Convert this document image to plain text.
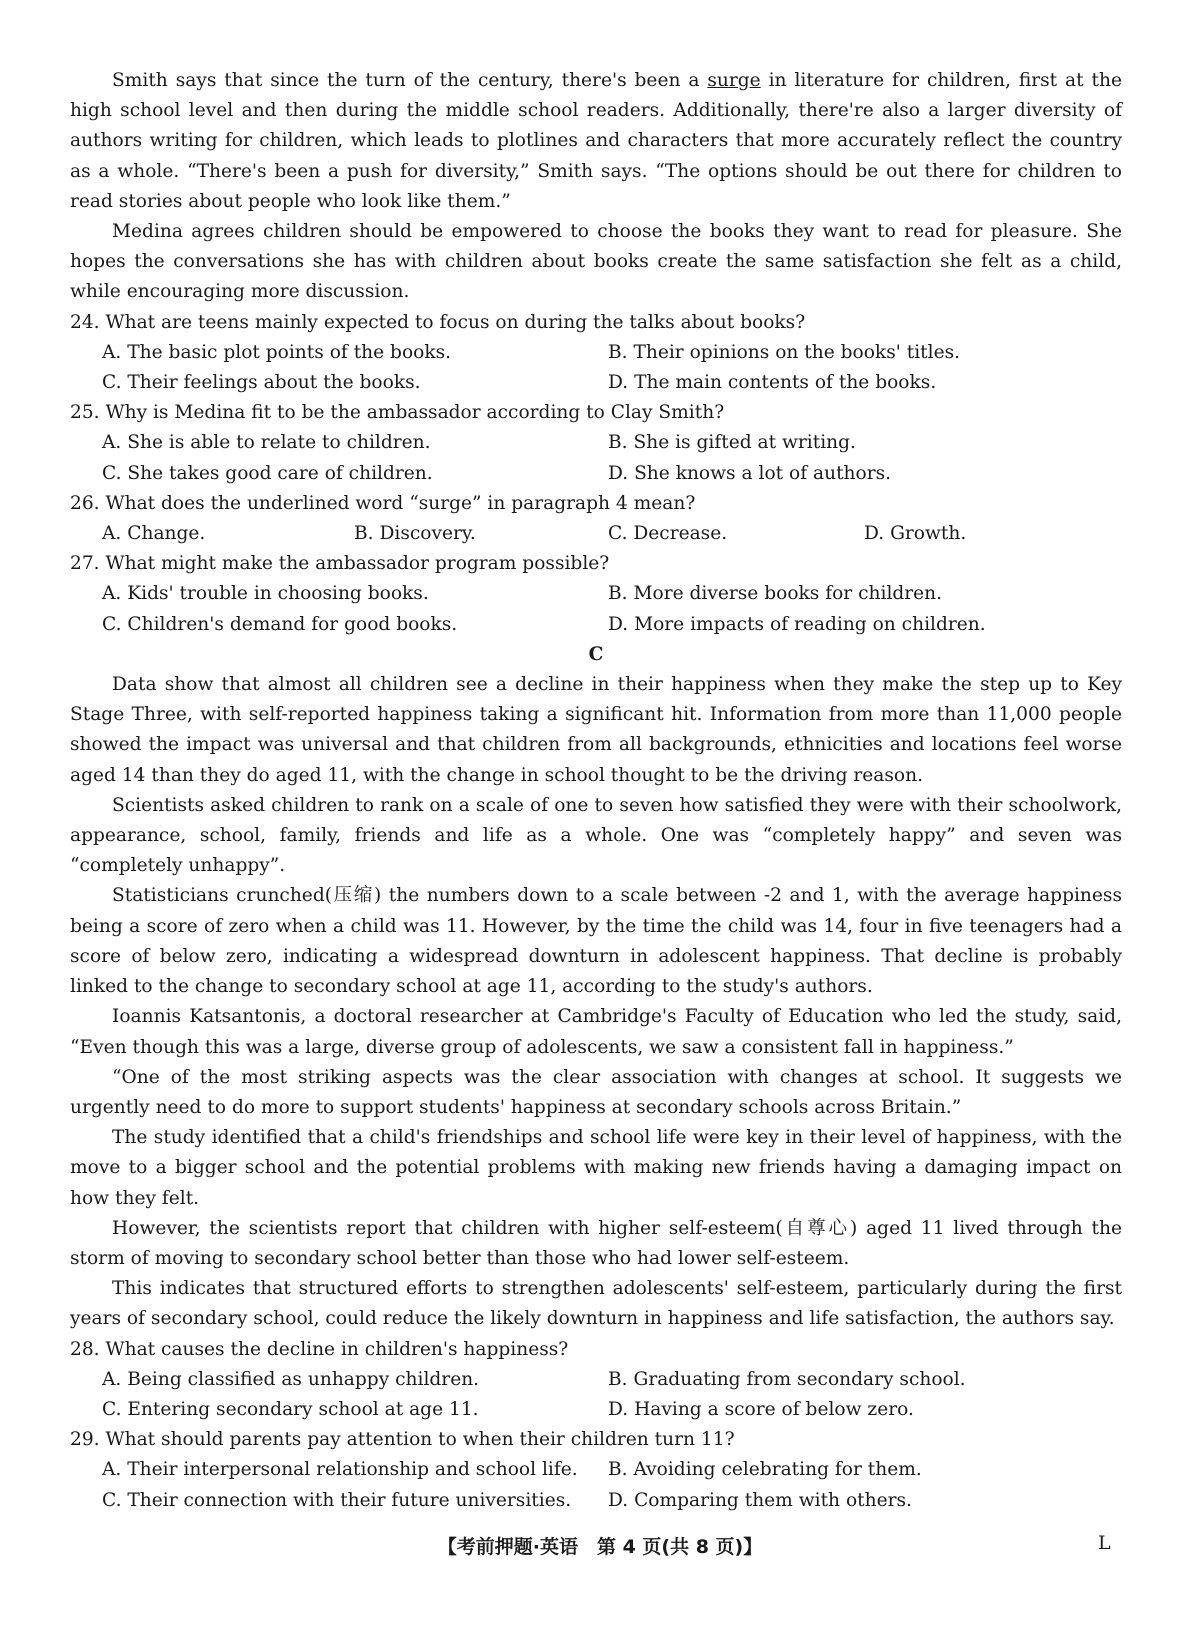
Smith says that since the turn of the century, there's been a surge in literature for children, first at the high school level and then during the middle school readers. Additionally, there're also a larger diversity of authors writing for children, which leads to plotlines and characters that more accurately reflect the country as a whole. “There's been a push for diversity,” Smith says. “The options should be out there for children to read stories about people who look like them.”

Medina agrees children should be empowered to choose the books they want to read for pleasure. She hopes the conversations she has with children about books create the same satisfaction she felt as a child, while encouraging more discussion.

24. What are teens mainly expected to focus on during the talks about books?

A. The basic plot points of the books.	B. Their opinions on the books' titles.
C. Their feelings about the books.	D. The main contents of the books.

25. Why is Medina fit to be the ambassador according to Clay Smith?

A. She is able to relate to children.	B. She is gifted at writing.
C. She takes good care of children.	D. She knows a lot of authors.

26. What does the underlined word “surge” in paragraph 4 mean?

A. Change.	B. Discovery.	C. Decrease.	D. Growth.

27. What might make the ambassador program possible?

A. Kids' trouble in choosing books.	B. More diverse books for children.
C. Children's demand for good books.	D. More impacts of reading on children.

C

Data show that almost all children see a decline in their happiness when they make the step up to Key Stage Three, with self-reported happiness taking a significant hit. Information from more than 11,000 people showed the impact was universal and that children from all backgrounds, ethnicities and locations feel worse aged 14 than they do aged 11, with the change in school thought to be the driving reason.

Scientists asked children to rank on a scale of one to seven how satisfied they were with their schoolwork, appearance, school, family, friends and life as a whole. One was “completely happy” and seven was “completely unhappy”.

Statisticians crunched(压缩) the numbers down to a scale between -2 and 1, with the average happiness being a score of zero when a child was 11. However, by the time the child was 14, four in five teenagers had a score of below zero, indicating a widespread downturn in adolescent happiness. That decline is probably linked to the change to secondary school at age 11, according to the study's authors.

Ioannis Katsantonis, a doctoral researcher at Cambridge's Faculty of Education who led the study, said, “Even though this was a large, diverse group of adolescents, we saw a consistent fall in happiness.”

“One of the most striking aspects was the clear association with changes at school. It suggests we urgently need to do more to support students' happiness at secondary schools across Britain.”

The study identified that a child's friendships and school life were key in their level of happiness, with the move to a bigger school and the potential problems with making new friends having a damaging impact on how they felt.

However, the scientists report that children with higher self-esteem(自尊心) aged 11 lived through the storm of moving to secondary school better than those who had lower self-esteem.

This indicates that structured efforts to strengthen adolescents' self-esteem, particularly during the first years of secondary school, could reduce the likely downturn in happiness and life satisfaction, the authors say.

28. What causes the decline in children's happiness?

A. Being classified as unhappy children.	B. Graduating from secondary school.
C. Entering secondary school at age 11.	D. Having a score of below zero.

29. What should parents pay attention to when their children turn 11?

A. Their interpersonal relationship and school life.	B. Avoiding celebrating for them.
C. Their connection with their future universities.	D. Comparing them with others.
【考前押题·英语　第 4 页(共 8 页)】	L
